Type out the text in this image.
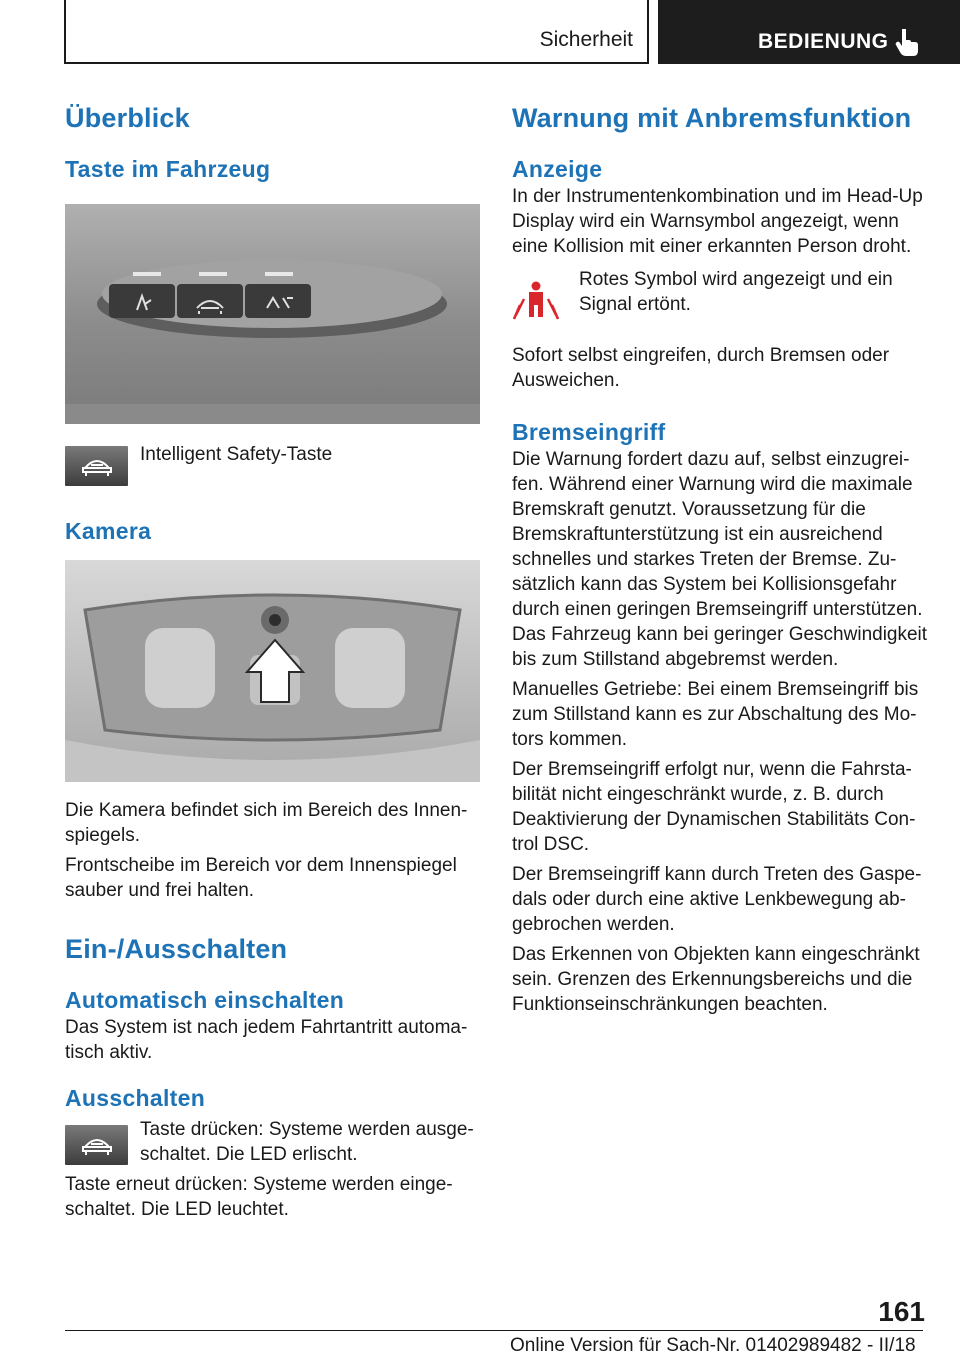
Sicherheit	BEDIENUNG
Überblick
Taste im Fahrzeug

Intelligent Safety-Taste

Kamera

Die Kamera befindet sich im Bereich des Innen-spiegels.

Frontscheibe im Bereich vor dem Innenspiegel sauber und frei halten.

Ein-/Ausschalten
Automatisch einschalten

Das System ist nach jedem Fahrtantritt automa-tisch aktiv.

Ausschalten

Taste drücken: Systeme werden ausge-schaltet. Die LED erlischt.

Taste erneut drücken: Systeme werden einge-schaltet. Die LED leuchtet.

Warnung mit Anbremsfunktion
Anzeige

In der Instrumentenkombination und im Head-Up Display wird ein Warnsymbol angezeigt, wenn eine Kollision mit einer erkannten Person droht.

Rotes Symbol wird angezeigt und ein Signal ertönt.

Sofort selbst eingreifen, durch Bremsen oder Ausweichen.

Bremseingriff

Die Warnung fordert dazu auf, selbst einzugrei-fen. Während einer Warnung wird die maximale Bremskraft genutzt. Voraussetzung für die Bremskraftunterstützung ist ein ausreichend schnelles und starkes Treten der Bremse. Zu-sätzlich kann das System bei Kollisionsgefahr durch einen geringen Bremseingriff unterstützen. Das Fahrzeug kann bei geringer Geschwindigkeit bis zum Stillstand abgebremst werden.

Manuelles Getriebe: Bei einem Bremseingriff bis zum Stillstand kann es zur Abschaltung des Mo-tors kommen.

Der Bremseingriff erfolgt nur, wenn die Fahrsta-bilität nicht eingeschränkt wurde, z. B. durch Deaktivierung der Dynamischen Stabilitäts Con-trol DSC.

Der Bremseingriff kann durch Treten des Gaspe-dals oder durch eine aktive Lenkbewegung ab-gebrochen werden.

Das Erkennen von Objekten kann eingeschränkt sein. Grenzen des Erkennungsbereichs und die Funktionseinschränkungen beachten.

161
Online Version für Sach-Nr. 01402989482 - II/18
